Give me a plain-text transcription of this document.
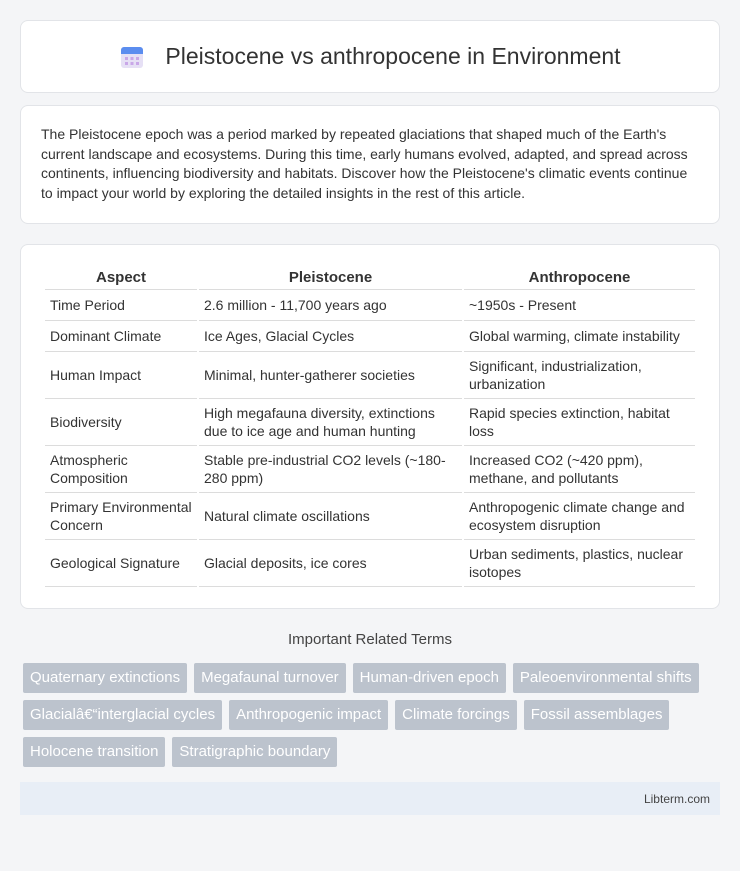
Pleistocene vs anthropocene in Environment

The Pleistocene epoch was a period marked by repeated glaciations that shaped much of the Earth's current landscape and ecosystems. During this time, early humans evolved, adapted, and spread across continents, influencing biodiversity and habitats. Discover how the Pleistocene's climatic events continue to impact your world by exploring the detailed insights in the rest of this article.

Aspect	Pleistocene	Anthropocene
Time Period	2.6 million - 11,700 years ago	~1950s - Present
Dominant Climate	Ice Ages, Glacial Cycles	Global warming, climate instability
Human Impact	Minimal, hunter-gatherer societies	Significant, industrialization, urbanization
Biodiversity	High megafauna diversity, extinctions due to ice age and human hunting	Rapid species extinction, habitat loss
Atmospheric Composition	Stable pre-industrial CO2 levels (~180-280 ppm)	Increased CO2 (~420 ppm), methane, and pollutants
Primary Environmental Concern	Natural climate oscillations	Anthropogenic climate change and ecosystem disruption
Geological Signature	Glacial deposits, ice cores	Urban sediments, plastics, nuclear isotopes
Important Related Terms
Quaternary extinctions	Megafaunal turnover	Human-driven epoch	Paleoenvironmental shifts
Glacialâ€“interglacial cycles	Anthropogenic impact	Climate forcings	Fossil assemblages
Holocene transition	Stratigraphic boundary
Libterm.com
